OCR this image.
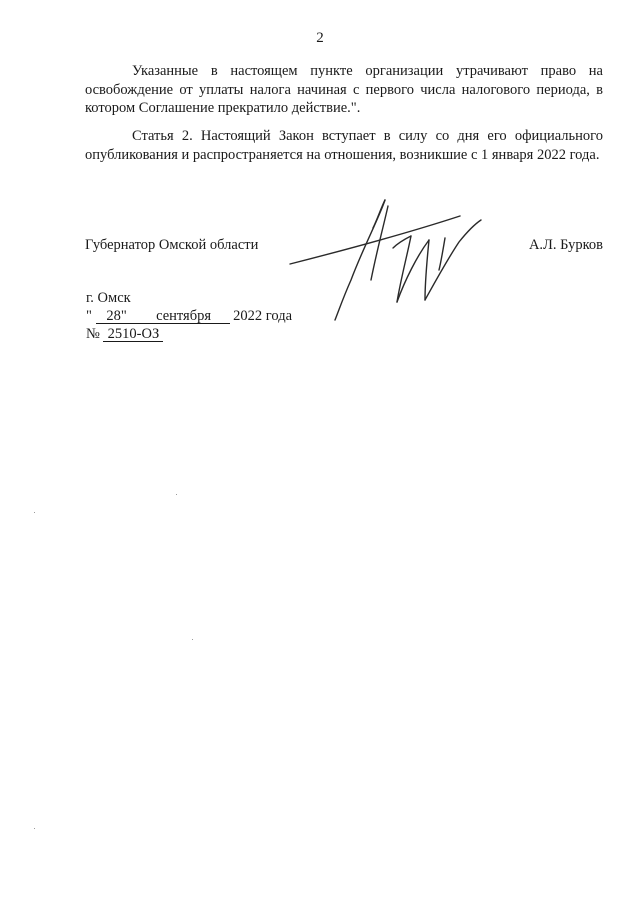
2

Указанные в настоящем пункте организации утрачивают право на освобождение от уплаты налога начиная с первого числа налогового периода, в котором Соглашение прекратило действие.".

Статья 2. Настоящий Закон вступает в силу со дня его официального опубликования и распространяется на отношения, возникшие с 1 января 2022 года.

Губернатор Омской области	А.Л. Бурков
г. Омск
" 28" сентября 2022 года
№ 2510-ОЗ
